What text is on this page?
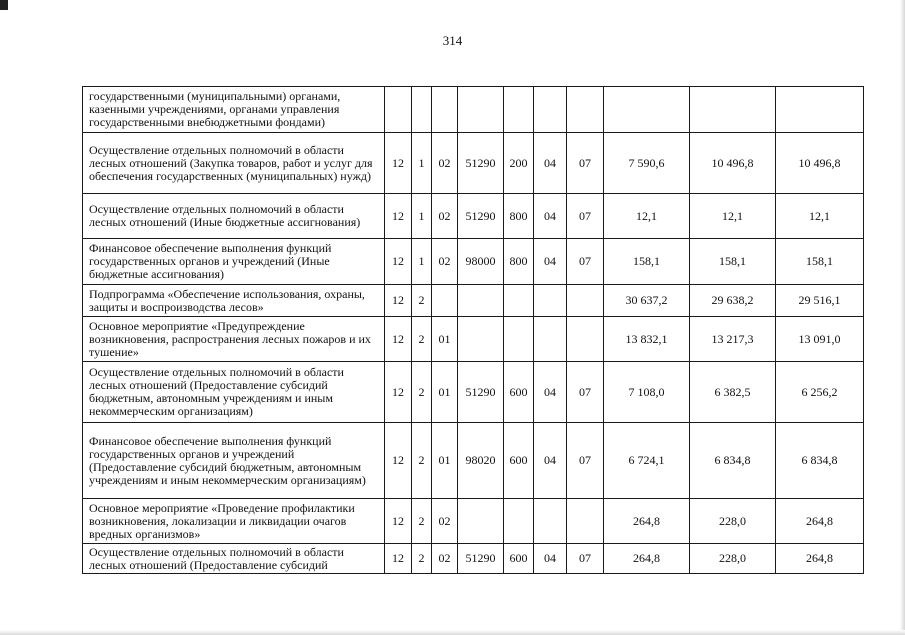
314
государственными (муниципальными) органами, казенными учреждениями, органами управления государственными внебюджетными фондами)										
Осуществление отдельных полномочий в области лесных отношений (Закупка товаров, работ и услуг для обеспечения государственных (муниципальных) нужд)	12	1	02	51290	200	04	07	7 590,6	10 496,8	10 496,8
Осуществление отдельных полномочий в области лесных отношений (Иные бюджетные ассигнования)	12	1	02	51290	800	04	07	12,1	12,1	12,1
Финансовое обеспечение выполнения функций государственных органов и учреждений (Иные бюджетные ассигнования)	12	1	02	98000	800	04	07	158,1	158,1	158,1
Подпрограмма «Обеспечение использования, охраны, защиты и воспроизводства лесов»	12	2						30 637,2	29 638,2	29 516,1
Основное мероприятие «Предупреждение возникновения, распространения лесных пожаров и их тушение»	12	2	01					13 832,1	13 217,3	13 091,0
Осуществление отдельных полномочий в области лесных отношений (Предоставление субсидий бюджетным, автономным учреждениям и иным некоммерческим организациям)	12	2	01	51290	600	04	07	7 108,0	6 382,5	6 256,2
Финансовое обеспечение выполнения функций государственных органов и учреждений (Предоставление субсидий бюджетным, автономным учреждениям и иным некоммерческим организациям)	12	2	01	98020	600	04	07	6 724,1	6 834,8	6 834,8
Основное мероприятие «Проведение профилактики возникновения, локализации и ликвидации очагов вредных организмов»	12	2	02					264,8	228,0	264,8
Осуществление отдельных полномочий в области лесных отношений (Предоставление субсидий	12	2	02	51290	600	04	07	264,8	228,0	264,8
